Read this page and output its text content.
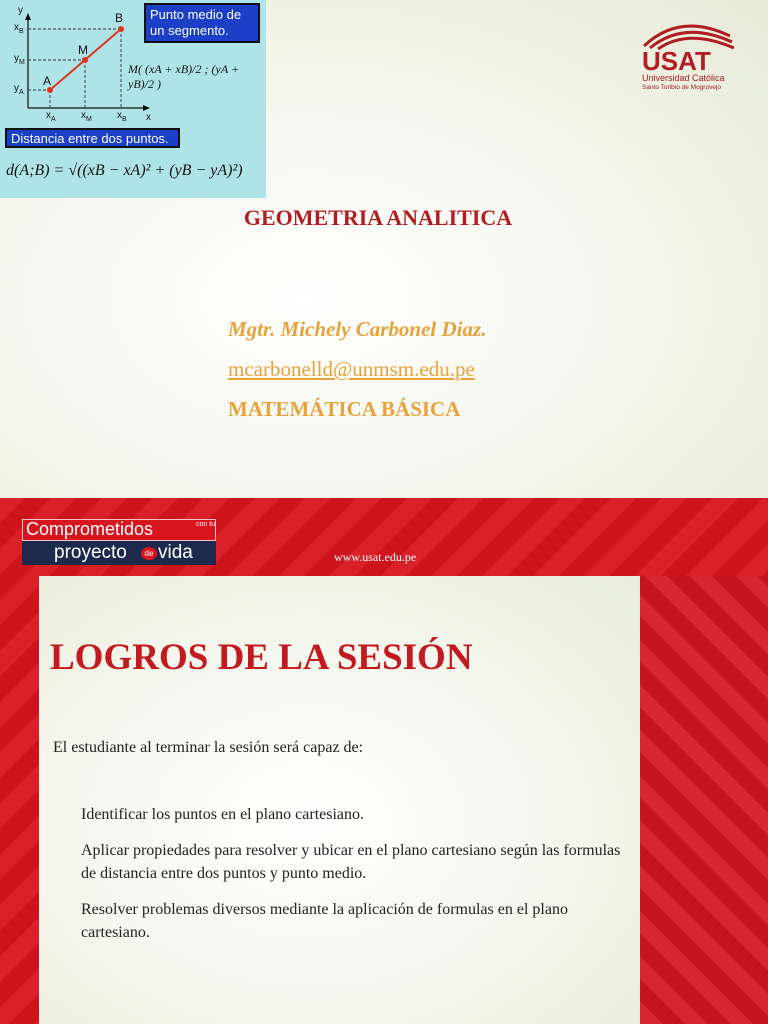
y
x
$x_B$
$y_M$
$y_A$
$x_A$	$x_M$	$x_B$
A
M
B	Punto medio de un segmento.
M( (xA + xB)/2 ; (yA + yB)/2 )
Distancia entre dos puntos.
d(A;B) = √((xB − xA)² + (yB − yA)²)
USAT
Universidad Católica
Santo Toribio de Mogrovejo
GEOMETRIA ANALITICA
Mgtr. Michely Carbonel Diaz.
mcarbonelld@unmsm.edu.pe
MATEMÁTICA BÁSICA
Comprometidos	con tu
proyecto	de vida	www.usat.edu.pe
LOGROS DE LA SESIÓN

El estudiante al terminar la sesión será capaz de:

Identificar los puntos en el plano cartesiano.
Aplicar propiedades para resolver y ubicar en el plano cartesiano según las formulas de distancia entre dos puntos y punto medio.
Resolver problemas diversos mediante la aplicación de formulas en el plano cartesiano.
